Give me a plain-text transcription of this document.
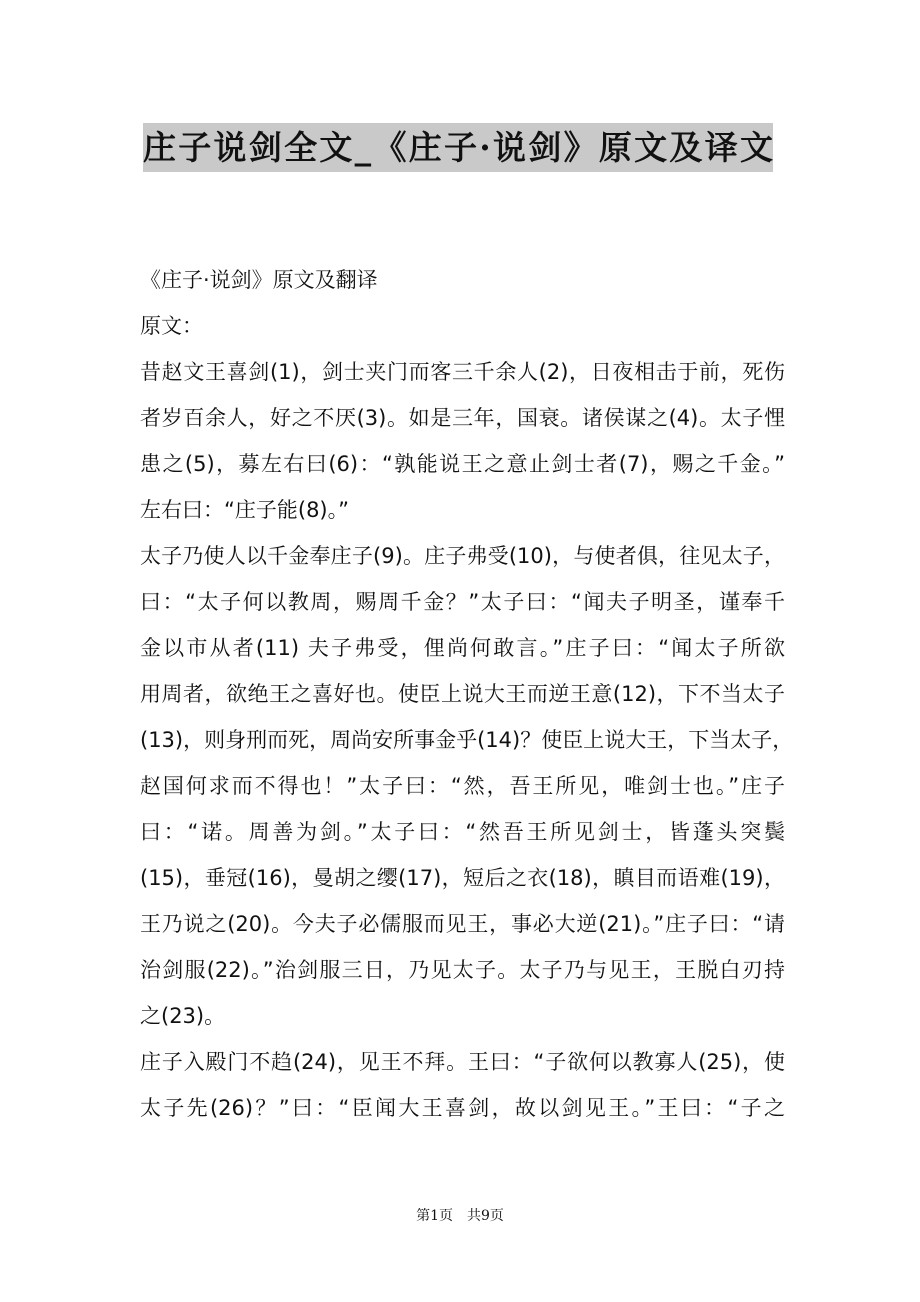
庄子说剑全文_《庄子·说剑》原文及译文
《庄子·说剑》原文及翻译
原文：
昔赵文王喜剑(1)，剑士夹门而客三千余人(2)，日夜相击于前，死伤
者岁百余人，好之不厌(3)。如是三年，国衰。诸侯谋之(4)。太子悝
患之(5)，募左右曰(6)：“孰能说王之意止剑士者(7)，赐之千金。”
左右曰：“庄子能(8)。”
太子乃使人以千金奉庄子(9)。庄子弗受(10)，与使者俱，往见太子，
曰：“太子何以教周，赐周千金？”太子曰：“闻夫子明圣，谨奉千
金以市从者(11) 夫子弗受，俚尚何敢言。”庄子曰：“闻太子所欲
用周者，欲绝王之喜好也。使臣上说大王而逆王意(12)，下不当太子
(13)，则身刑而死，周尚安所事金乎(14)？使臣上说大王，下当太子，
赵国何求而不得也！”太子曰：“然，吾王所见，唯剑士也。”庄子
曰：“诺。周善为剑。”太子曰：“然吾王所见剑士，皆蓬头突鬓
(15)，垂冠(16)，曼胡之缨(17)，短后之衣(18)，瞋目而语难(19)，
王乃说之(20)。今夫子必儒服而见王，事必大逆(21)。”庄子曰：“请
治剑服(22)。”治剑服三日，乃见太子。太子乃与见王，王脱白刃持
之(23)。
庄子入殿门不趋(24)，见王不拜。王曰：“子欲何以教寡人(25)，使
太子先(26)？”曰：“臣闻大王喜剑，故以剑见王。”王曰：“子之
第1页　共9页
